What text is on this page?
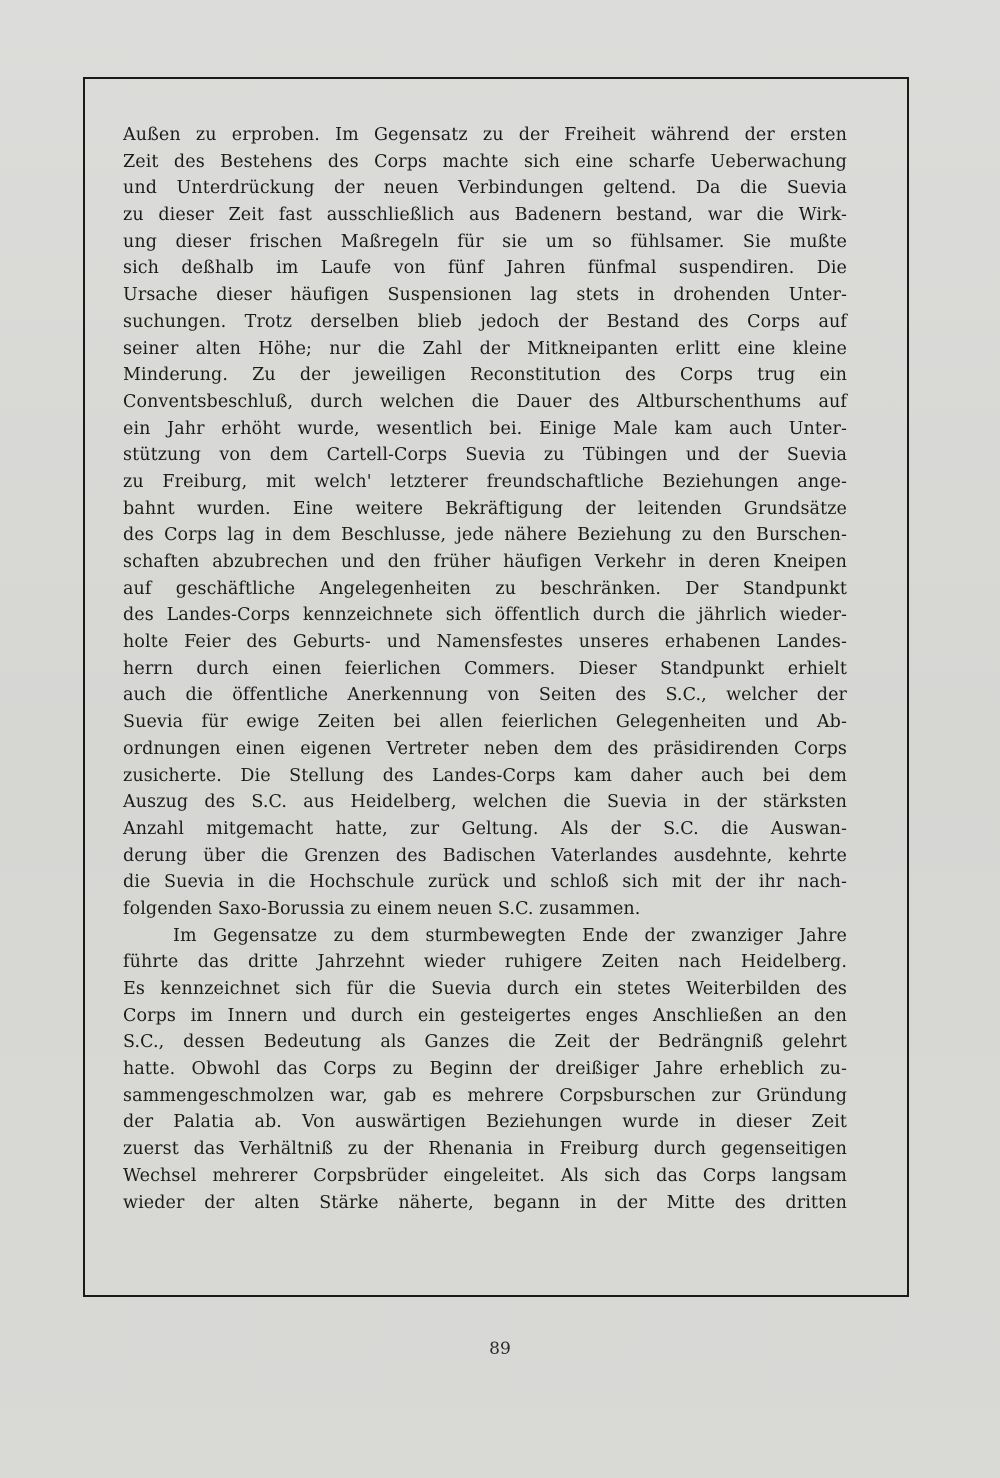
Außen zu erproben. Im Gegensatz zu der Freiheit während der ersten
Zeit des Bestehens des Corps machte sich eine scharfe Ueberwachung
und Unterdrückung der neuen Verbindungen geltend. Da die Suevia
zu dieser Zeit fast ausschließlich aus Badenern bestand, war die Wirk-
ung dieser frischen Maßregeln für sie um so fühlsamer. Sie mußte
sich deßhalb im Laufe von fünf Jahren fünfmal suspendiren. Die
Ursache dieser häufigen Suspensionen lag stets in drohenden Unter-
suchungen. Trotz derselben blieb jedoch der Bestand des Corps auf
seiner alten Höhe; nur die Zahl der Mitkneipanten erlitt eine kleine
Minderung. Zu der jeweiligen Reconstitution des Corps trug ein
Conventsbeschluß, durch welchen die Dauer des Altburschenthums auf
ein Jahr erhöht wurde, wesentlich bei. Einige Male kam auch Unter-
stützung von dem Cartell-Corps Suevia zu Tübingen und der Suevia
zu Freiburg, mit welch' letzterer freundschaftliche Beziehungen ange-
bahnt wurden. Eine weitere Bekräftigung der leitenden Grundsätze
des Corps lag in dem Beschlusse, jede nähere Beziehung zu den Burschen-
schaften abzubrechen und den früher häufigen Verkehr in deren Kneipen
auf geschäftliche Angelegenheiten zu beschränken. Der Standpunkt
des Landes-Corps kennzeichnete sich öffentlich durch die jährlich wieder-
holte Feier des Geburts- und Namensfestes unseres erhabenen Landes-
herrn durch einen feierlichen Commers. Dieser Standpunkt erhielt
auch die öffentliche Anerkennung von Seiten des S.C., welcher der
Suevia für ewige Zeiten bei allen feierlichen Gelegenheiten und Ab-
ordnungen einen eigenen Vertreter neben dem des präsidirenden Corps
zusicherte. Die Stellung des Landes-Corps kam daher auch bei dem
Auszug des S.C. aus Heidelberg, welchen die Suevia in der stärksten
Anzahl mitgemacht hatte, zur Geltung. Als der S.C. die Auswan-
derung über die Grenzen des Badischen Vaterlandes ausdehnte, kehrte
die Suevia in die Hochschule zurück und schloß sich mit der ihr nach-
folgenden Saxo-Borussia zu einem neuen S.C. zusammen.
Im Gegensatze zu dem sturmbewegten Ende der zwanziger Jahre
führte das dritte Jahrzehnt wieder ruhigere Zeiten nach Heidelberg.
Es kennzeichnet sich für die Suevia durch ein stetes Weiterbilden des
Corps im Innern und durch ein gesteigertes enges Anschließen an den
S.C., dessen Bedeutung als Ganzes die Zeit der Bedrängniß gelehrt
hatte. Obwohl das Corps zu Beginn der dreißiger Jahre erheblich zu-
sammengeschmolzen war, gab es mehrere Corpsburschen zur Gründung
der Palatia ab. Von auswärtigen Beziehungen wurde in dieser Zeit
zuerst das Verhältniß zu der Rhenania in Freiburg durch gegenseitigen
Wechsel mehrerer Corpsbrüder eingeleitet. Als sich das Corps langsam
wieder der alten Stärke näherte, begann in der Mitte des dritten
89
